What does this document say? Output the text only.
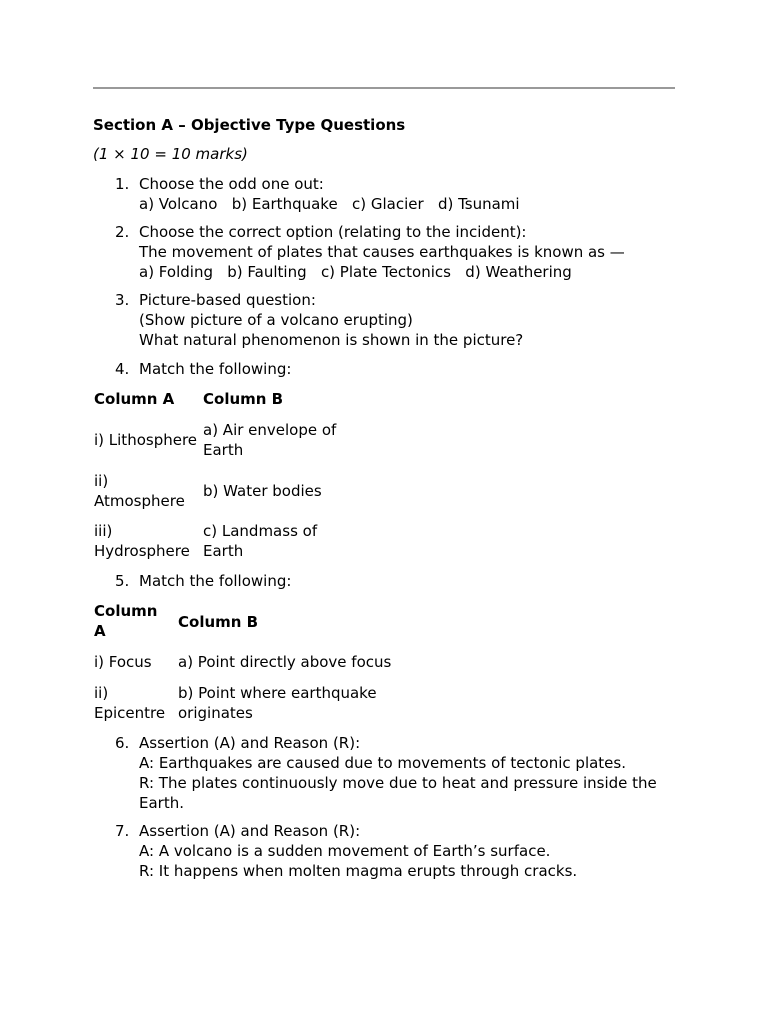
Section A – Objective Type Questions
(1 × 10 = 10 marks)
1. Choose the odd one out:
a) Volcano b) Earthquake c) Glacier d) Tsunami
2. Choose the correct option (relating to the incident):
The movement of plates that causes earthquakes is known as —
a) Folding b) Faulting c) Plate Tectonics d) Weathering
3. Picture-based question:
(Show picture of a volcano erupting)
What natural phenomenon is shown in the picture?
4. Match the following:
Column A Column B
i) Lithosphere
a) Air envelope of
Earth
ii)
Atmosphere
b) Water bodies
iii)
Hydrosphere
c) Landmass of
Earth
5. Match the following:
Column
A	Column B
i) Focus a) Point directly above focus
ii)
Epicentre
b) Point where earthquake
originates
6. Assertion (A) and Reason (R):
A: Earthquakes are caused due to movements of tectonic plates.
R: The plates continuously move due to heat and pressure inside the
Earth.
7. Assertion (A) and Reason (R):
A: A volcano is a sudden movement of Earth’s surface.
R: It happens when molten magma erupts through cracks.
